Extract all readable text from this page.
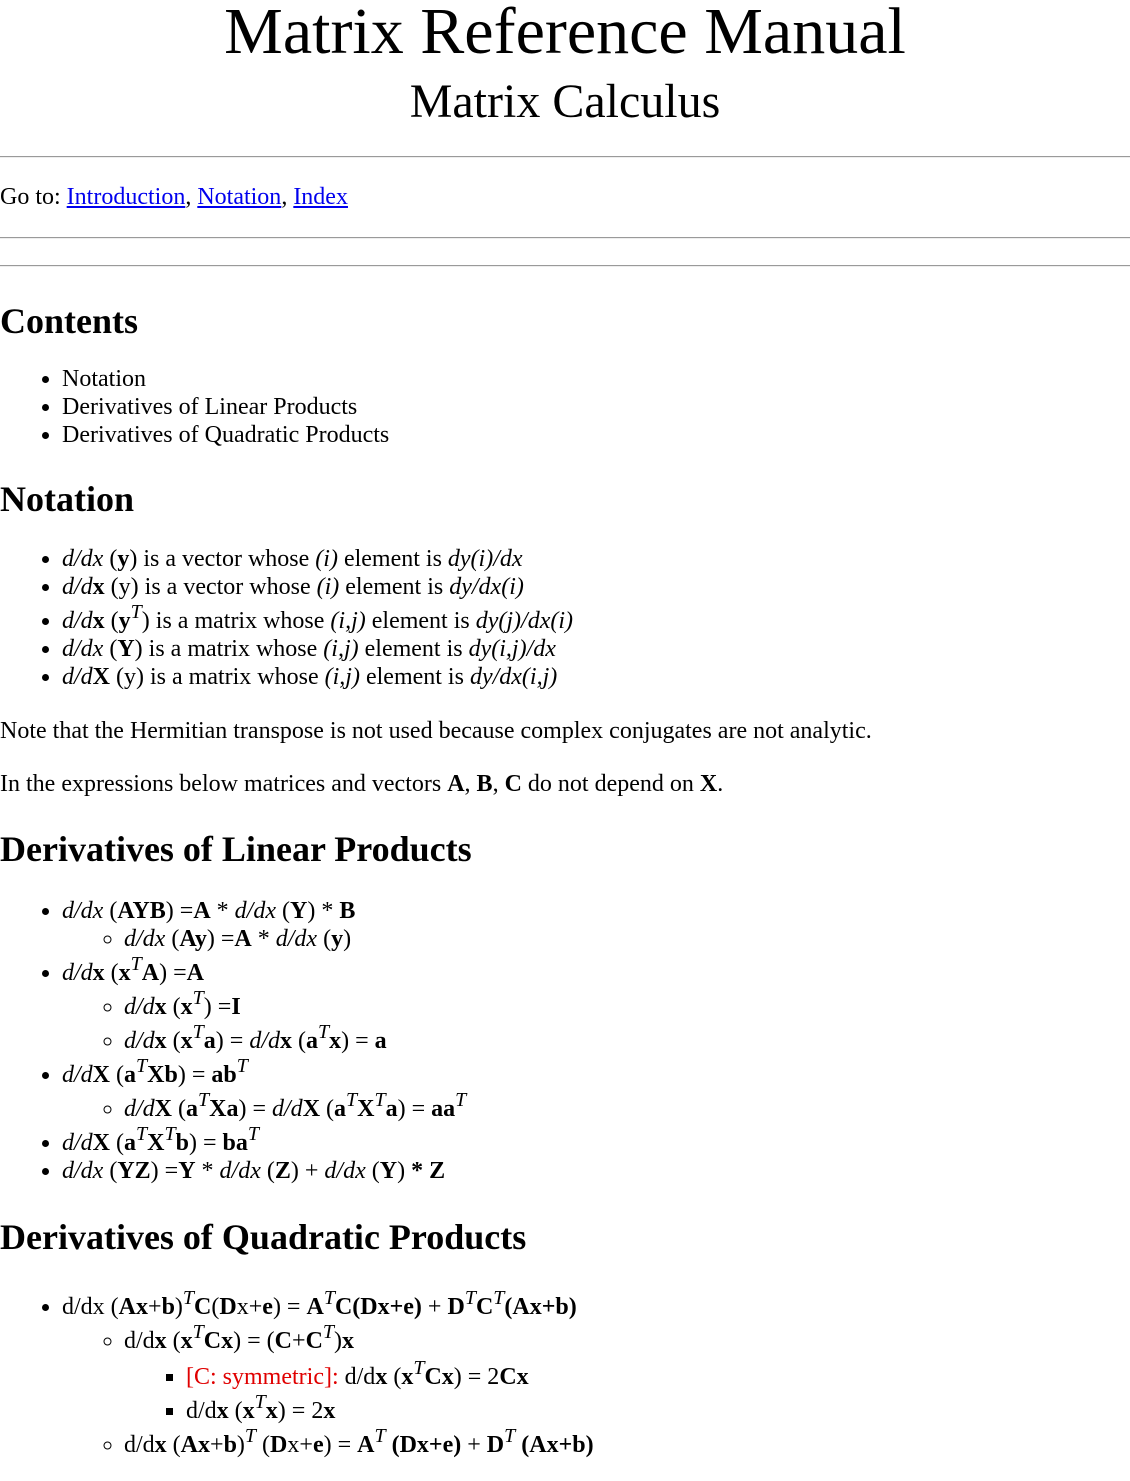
Matrix Reference Manual
Matrix Calculus

Go to: Introduction, Notation, Index

Contents
• Notation
• Derivatives of Linear Products
• Derivatives of Quadratic Products
Notation
• d/dx (y) is a vector whose (i) element is dy(i)/dx
• d/dx (y) is a vector whose (i) element is dy/dx(i)
• d/dx $(y^T)$ is a matrix whose (i,j) element is dy(j)/dx(i)
• d/dx (Y) is a matrix whose (i,j) element is dy(i,j)/dx
• d/dX (y) is a matrix whose (i,j) element is dy/dx(i,j)

Note that the Hermitian transpose is not used because complex conjugates are not analytic.

In the expressions below matrices and vectors A, B, C do not depend on X.

Derivatives of Linear Products
• d/dx (AYB) =A * d/dx (Y) * B
◦ d/dx (Ay) =A * d/dx (y)
• d/dx $(x^TA) =A$
◦ d/dx $(x^T) =I$
◦ d/dx $(x^Ta) = d/dx$ $(a^Tx) = a$
• d/dX $(a^TXb) = ab^T$
◦ d/dX $(a^TXa) = d/dX$ $(a^TX^Ta) = aa^T$
• d/dX $(a^TX^Tb) = ba^T$
• d/dx (YZ) =Y * d/dx (Z) + d/dx (Y) * Z
Derivatives of Quadratic Products
• d/dx $(Ax+b)^TC(Dx+e) = A^TC(Dx+e) + D^TC^T(Ax+b)$
◦ d/dx $(x^TCx) = (C+C^T)x$
▪ [C: symmetric]: d/dx $(x^TCx) = 2Cx$
▪ d/dx $(x^Tx) = 2x$
◦ d/dx $(Ax+b)^T$ $(Dx+e) = A^T$ $(Dx+e) + D^T$ (Ax+b)
